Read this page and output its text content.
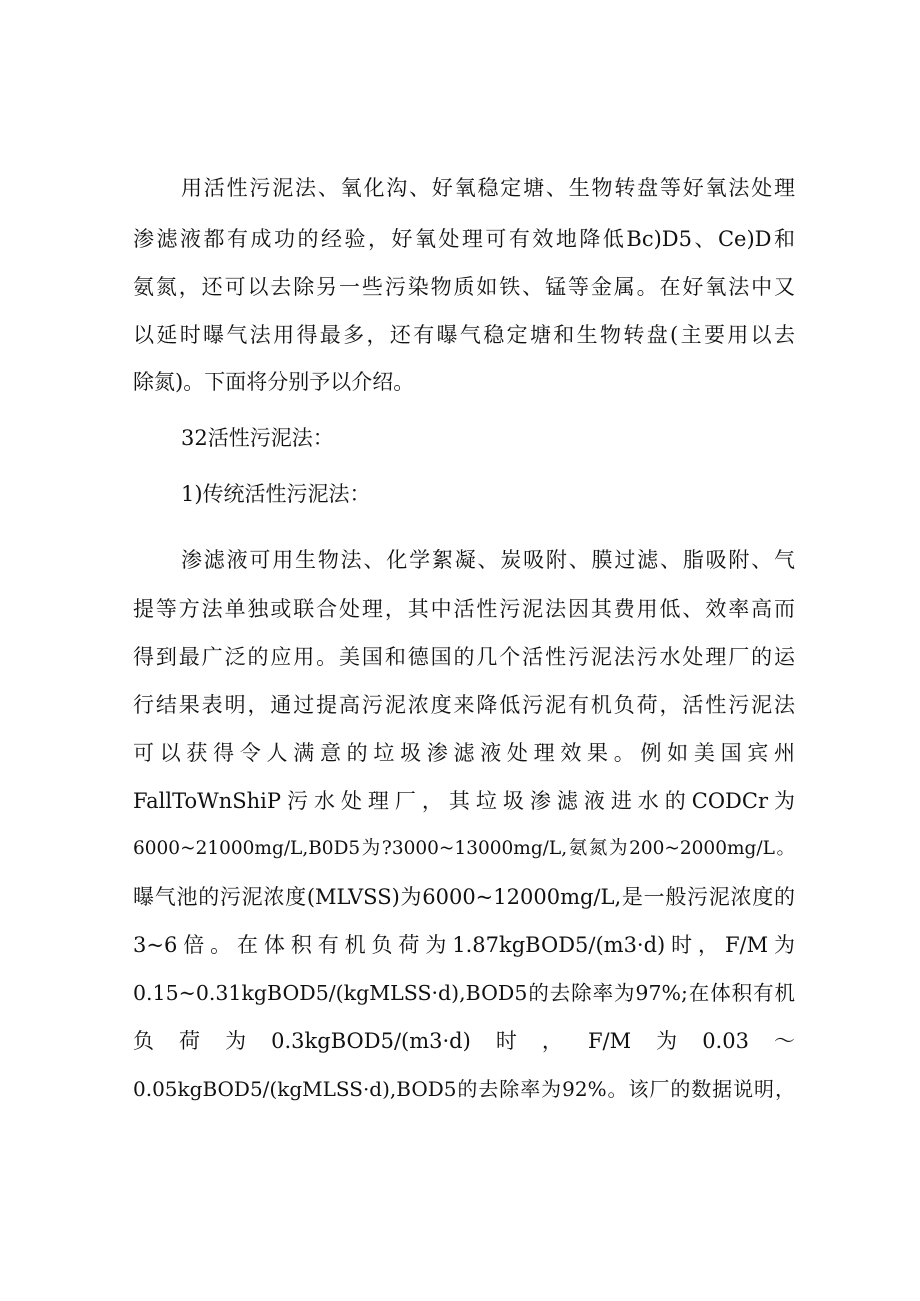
用活性污泥法、氧化沟、好氧稳定塘、生物转盘等好氧法处理
渗滤液都有成功的经验，好氧处理可有效地降低Bc)D5、Ce)D和
氨氮，还可以去除另一些污染物质如铁、锰等金属。在好氧法中又
以延时曝气法用得最多，还有曝气稳定塘和生物转盘(主要用以去
除氮)。下面将分别予以介绍。
32活性污泥法：
1)传统活性污泥法：
渗滤液可用生物法、化学絮凝、炭吸附、膜过滤、脂吸附、气
提等方法单独或联合处理，其中活性污泥法因其费用低、效率高而
得到最广泛的应用。美国和德国的几个活性污泥法污水处理厂的运
行结果表明，通过提高污泥浓度来降低污泥有机负荷，活性污泥法
可以获得令人满意的垃圾渗滤液处理效果。例如美国宾州
FallToWnShiP污水处理厂，其垃圾渗滤液进水的CODCr为
6000~21000mg∕L,B0D5为?3000~13000mg∕L,氨氮为200~2000mg∕L。
曝气池的污泥浓度(MLVSS)为6000~12000mg∕L,是一般污泥浓度的
3~6倍。在体积有机负荷为1.87kgBOD5∕(m3·d)时，F/M为
0.15~0.31kgBOD5∕(kgMLSS·d),BOD5的去除率为97%;在体积有机
负荷为0.3kgBOD5∕(m3·d)时，F/M为0.03～
0.05kgBOD5∕(kgMLSS·d),BOD5的去除率为92%。该厂的数据说明，
